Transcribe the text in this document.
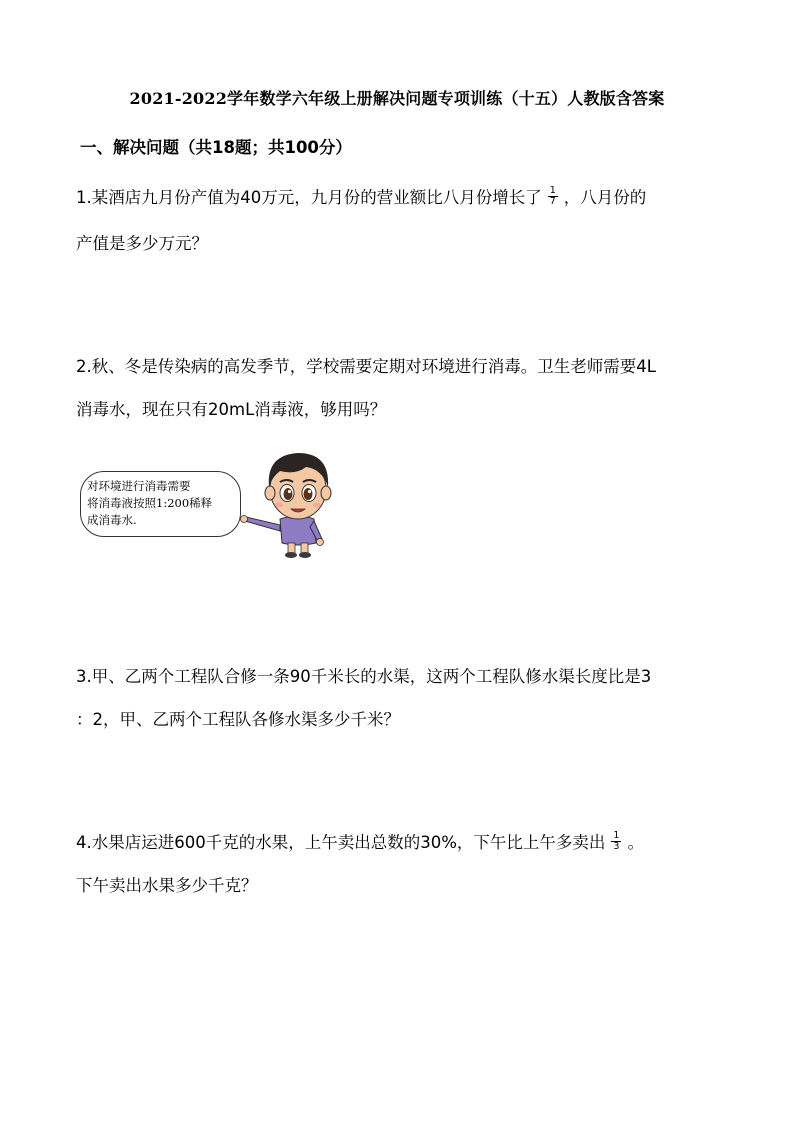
2021-2022学年数学六年级上册解决问题专项训练（十五）人教版含答案
一、解决问题（共18题；共100分）
1.某酒店九月份产值为40万元，九月份的营业额比八月份增长了 $\frac{1}{7}$ ，八月份的
产值是多少万元？
2.秋、冬是传染病的高发季节，学校需要定期对环境进行消毒。卫生老师需要4L
消毒水，现在只有20mL消毒液，够用吗？
对环境进行消毒需要
将消毒液按照1:200稀释
成消毒水.
3.甲、乙两个工程队合修一条90千米长的水渠，这两个工程队修水渠长度比是3
：2，甲、乙两个工程队各修水渠多少千米？
4.水果店运进600千克的水果，上午卖出总数的30%，下午比上午多卖出 $\frac{1}{3}$ 。
下午卖出水果多少千克？
